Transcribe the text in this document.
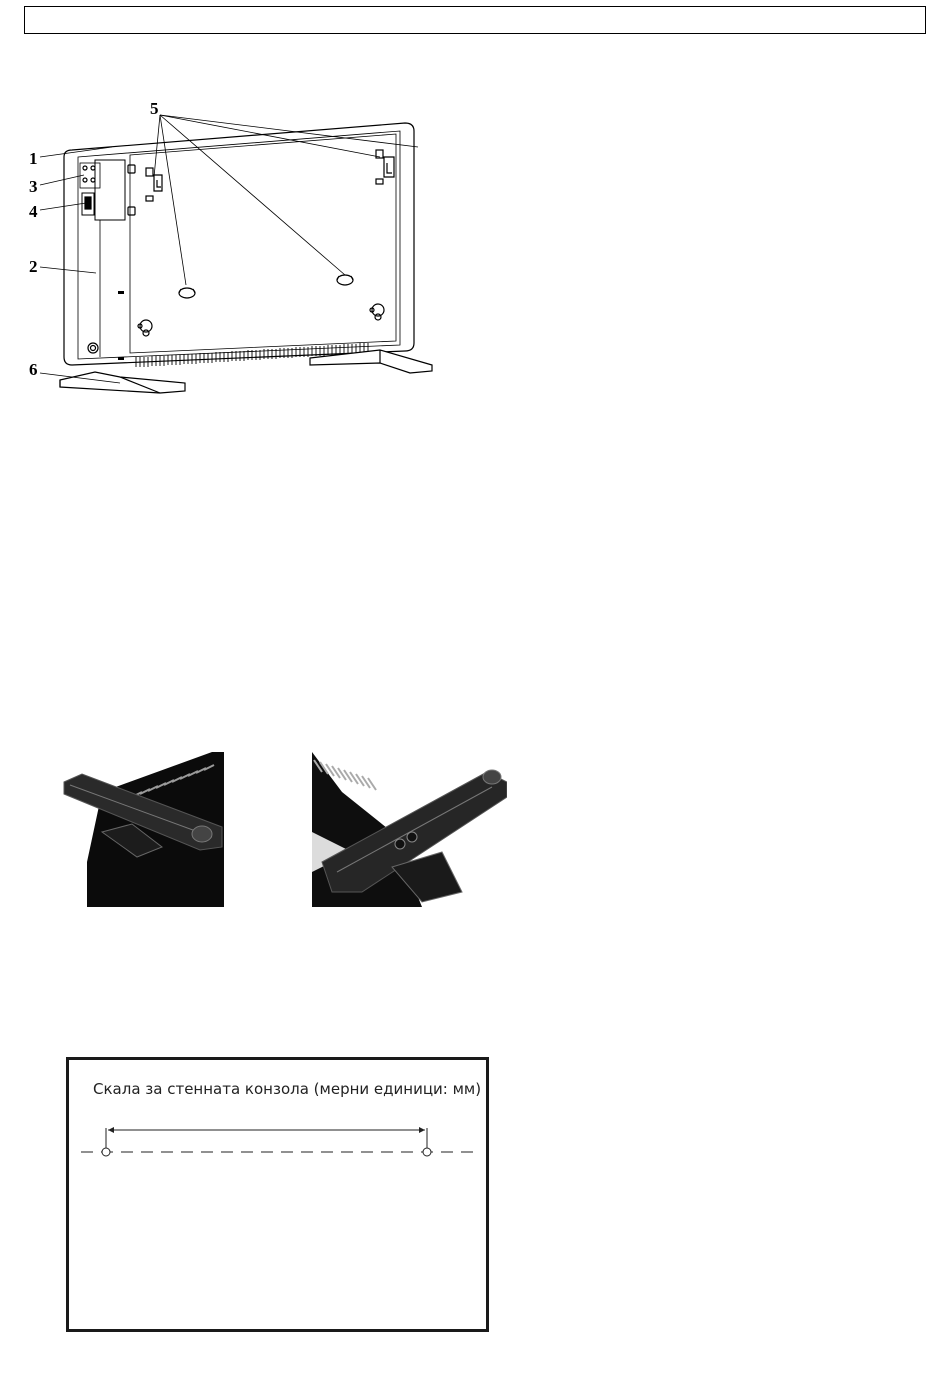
1
3
4
2
6
5
Скала за стенната конзола (мерни единици: мм)
